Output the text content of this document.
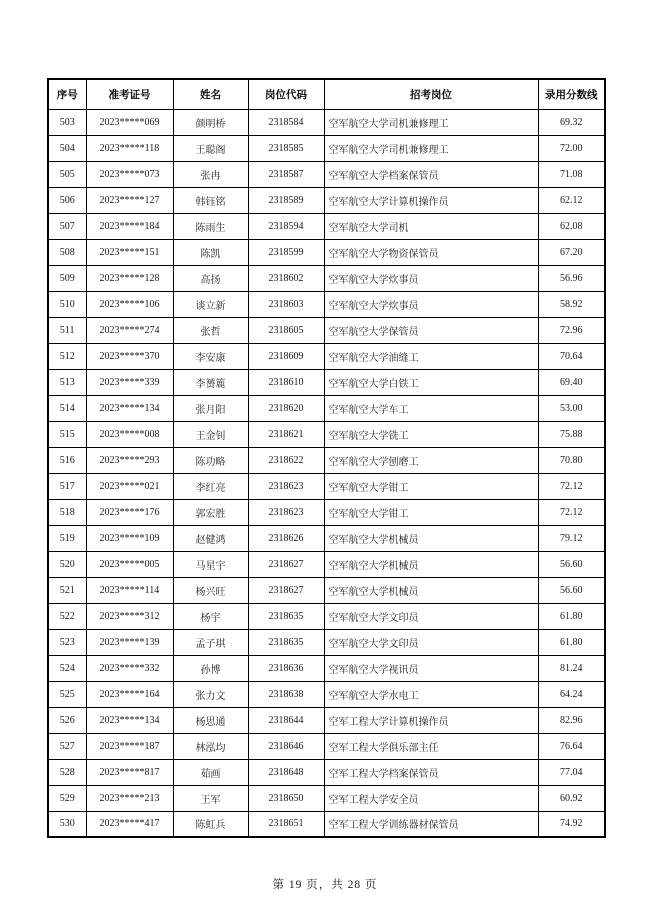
序号	准考证号	姓名	岗位代码	招考岗位	录用分数线
503	2023*****069	颜明桥	2318584	空军航空大学司机兼修理工	69.32
504	2023*****118	王聪阁	2318585	空军航空大学司机兼修理工	72.00
505	2023*****073	张冉	2318587	空军航空大学档案保管员	71.08
506	2023*****127	韩钰铭	2318589	空军航空大学计算机操作员	62.12
507	2023*****184	陈雨生	2318594	空军航空大学司机	62.08
508	2023*****151	陈凯	2318599	空军航空大学物资保管员	67.20
509	2023*****128	高扬	2318602	空军航空大学炊事员	56.96
510	2023*****106	谈立新	2318603	空军航空大学炊事员	58.92
511	2023*****274	张哲	2318605	空军航空大学保管员	72.96
512	2023*****370	李安康	2318609	空军航空大学油缝工	70.64
513	2023*****339	李赟簏	2318610	空军航空大学白铁工	69.40
514	2023*****134	张月阳	2318620	空军航空大学车工	53.00
515	2023*****008	王金钊	2318621	空军航空大学铣工	75.88
516	2023*****293	陈功略	2318622	空军航空大学刨磨工	70.80
517	2023*****021	李红亮	2318623	空军航空大学钳工	72.12
518	2023*****176	郭宏胜	2318623	空军航空大学钳工	72.12
519	2023*****109	赵健鸿	2318626	空军航空大学机械员	79.12
520	2023*****005	马星宇	2318627	空军航空大学机械员	56.60
521	2023*****114	杨兴旺	2318627	空军航空大学机械员	56.60
522	2023*****312	杨宇	2318635	空军航空大学文印员	61.80
523	2023*****139	孟子琪	2318635	空军航空大学文印员	61.80
524	2023*****332	孙博	2318636	空军航空大学视讯员	81.24
525	2023*****164	张力文	2318638	空军航空大学水电工	64.24
526	2023*****134	杨思通	2318644	空军工程大学计算机操作员	82.96
527	2023*****187	林泓均	2318646	空军工程大学俱乐部主任	76.64
528	2023*****817	茹画	2318648	空军工程大学档案保管员	77.04
529	2023*****213	王军	2318650	空军工程大学安全员	60.92
530	2023*****417	陈虹兵	2318651	空军工程大学训练器材保管员	74.92
第 19 页，共 28 页
